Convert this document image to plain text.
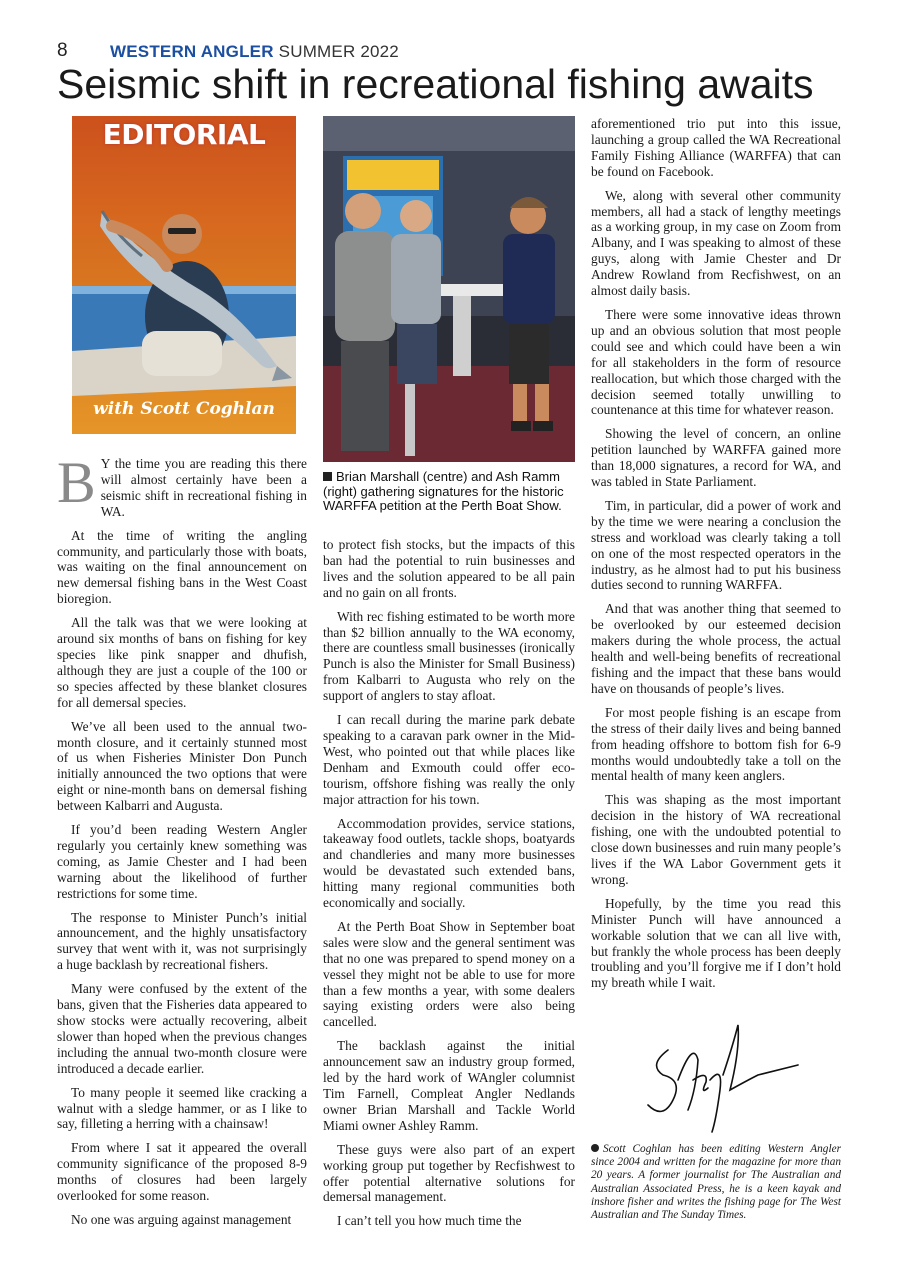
8 WESTERN ANGLER SUMMER 2022
Seismic shift in recreational fishing awaits
EDITORIAL
with Scott Coghlan
Brian Marshall (centre) and Ash Ramm (right) gathering signatures for the historic WARFFA petition at the Perth Boat Show.

B Y the time you are reading this there will almost certainly have been a seismic shift in recreational fishing in WA.

At the time of writing the angling community, and particularly those with boats, was waiting on the final announcement on new demersal fishing bans in the West Coast bioregion.

All the talk was that we were looking at around six months of bans on fishing for key species like pink snapper and dhufish, although they are just a couple of the 100 or so species affected by these blanket closures for all demersal species.

We’ve all been used to the annual two-month closure, and it certainly stunned most of us when Fisheries Minister Don Punch initially announced the two options that were eight or nine-month bans on demersal fishing between Kalbarri and Augusta.

If you’d been reading Western Angler regularly you certainly knew something was coming, as Jamie Chester and I had been warning about the likelihood of further restrictions for some time.

The response to Minister Punch’s initial announcement, and the highly unsatisfactory survey that went with it, was not surprisingly a huge backlash by recreational fishers.

Many were confused by the extent of the bans, given that the Fisheries data appeared to show stocks were actually recovering, albeit slower than hoped when the previous changes including the annual two-month closure were introduced a decade earlier.

To many people it seemed like cracking a walnut with a sledge hammer, or as I like to say, filleting a herring with a chainsaw!

From where I sat it appeared the overall community significance of the proposed 8-9 months of closures had been largely overlooked for some reason.

No one was arguing against management

to protect fish stocks, but the impacts of this ban had the potential to ruin businesses and lives and the solution appeared to be all pain and no gain on all fronts.

With rec fishing estimated to be worth more than $2 billion annually to the WA economy, there are countless small businesses (ironically Punch is also the Minister for Small Business) from Kalbarri to Augusta who rely on the support of anglers to stay afloat.

I can recall during the marine park debate speaking to a caravan park owner in the Mid-West, who pointed out that while places like Denham and Exmouth could offer eco-tourism, offshore fishing was really the only major attraction for his town.

Accommodation provides, service stations, takeaway food outlets, tackle shops, boatyards and chandleries and many more businesses would be devastated such extended bans, hitting many regional communities both economically and socially.

At the Perth Boat Show in September boat sales were slow and the general sentiment was that no one was prepared to spend money on a vessel they might not be able to use for more than a few months a year, with some dealers saying existing orders were also being cancelled.

The backlash against the initial announcement saw an industry group formed, led by the hard work of WAngler columnist Tim Farnell, Compleat Angler Nedlands owner Brian Marshall and Tackle World Miami owner Ashley Ramm.

These guys were also part of an expert working group put together by Recfishwest to offer potential alternative solutions for demersal management.

I can’t tell you how much time the

aforementioned trio put into this issue, launching a group called the WA Recreational Family Fishing Alliance (WARFFA) that can be found on Facebook.

We, along with several other community members, all had a stack of lengthy meetings as a working group, in my case on Zoom from Albany, and I was speaking to almost of these guys, along with Jamie Chester and Dr Andrew Rowland from Recfishwest, on an almost daily basis.

There were some innovative ideas thrown up and an obvious solution that most people could see and which could have been a win for all stakeholders in the form of resource reallocation, but which those charged with the decision seemed totally unwilling to countenance at this time for whatever reason.

Showing the level of concern, an online petition launched by WARFFA gained more than 18,000 signatures, a record for WA, and was tabled in State Parliament.

Tim, in particular, did a power of work and by the time we were nearing a conclusion the stress and workload was clearly taking a toll on one of the most respected operators in the industry, as he almost had to put his business duties second to running WARFFA.

And that was another thing that seemed to be overlooked by our esteemed decision makers during the whole process, the actual health and well-being benefits of recreational fishing and the impact that these bans would have on thousands of people’s lives.

For most people fishing is an escape from the stress of their daily lives and being banned from heading offshore to bottom fish for 6-9 months would undoubtedly take a toll on the mental health of many keen anglers.

This was shaping as the most important decision in the history of WA recreational fishing, one with the undoubted potential to close down businesses and ruin many people’s lives if the WA Labor Government gets it wrong.

Hopefully, by the time you read this Minister Punch will have announced a workable solution that we can all live with, but frankly the whole process has been deeply troubling and you’ll forgive me if I don’t hold my breath while I wait.

Scott Coghlan has been editing Western Angler since 2004 and written for the magazine for more than 20 years. A former journalist for The Australian and Australian Associated Press, he is a keen kayak and inshore fisher and writes the fishing page for The West Australian and The Sunday Times.
